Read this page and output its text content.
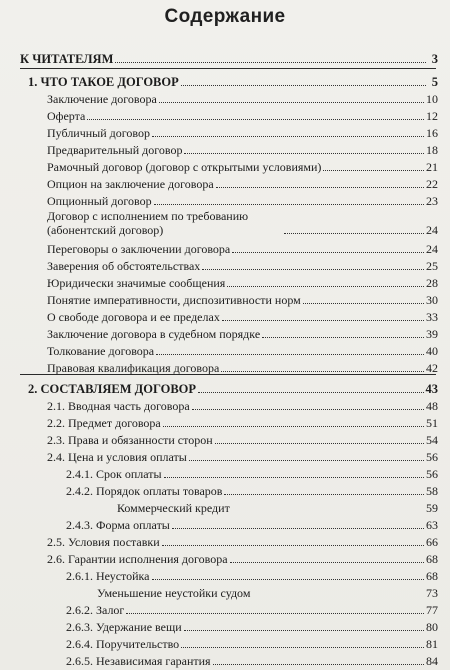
Содержание
К ЧИТАТЕЛЯМ	3
1. ЧТО ТАКОЕ ДОГОВОР	5
Заключение договора	10
Оферта	12
Публичный договор	16
Предварительный договор	18
Рамочный договор (договор с открытыми условиями)	21
Опцион на заключение договора	22
Опционный договор	23
Договор с исполнением по требованию (абонентский договор)	24
Переговоры о заключении договора	24
Заверения об обстоятельствах	25
Юридически значимые сообщения	28
Понятие императивности, диспозитивности норм	30
О свободе договора и ее пределах	33
Заключение договора в судебном порядке	39
Толкование договора	40
Правовая квалификация договора	42
2. СОСТАВЛЯЕМ ДОГОВОР	43
2.1. Вводная часть договора	48
2.2. Предмет договора	51
2.3. Права и обязанности сторон	54
2.4. Цена и условия оплаты	56
2.4.1. Срок оплаты	56
2.4.2. Порядок оплаты товаров	58
Коммерческий кредит	59
2.4.3. Форма оплаты	63
2.5. Условия поставки	66
2.6. Гарантии исполнения договора	68
2.6.1. Неустойка	68
Уменьшение неустойки судом	73
2.6.2. Залог	77
2.6.3. Удержание вещи	80
2.6.4. Поручительство	81
2.6.5. Независимая гарантия	84
